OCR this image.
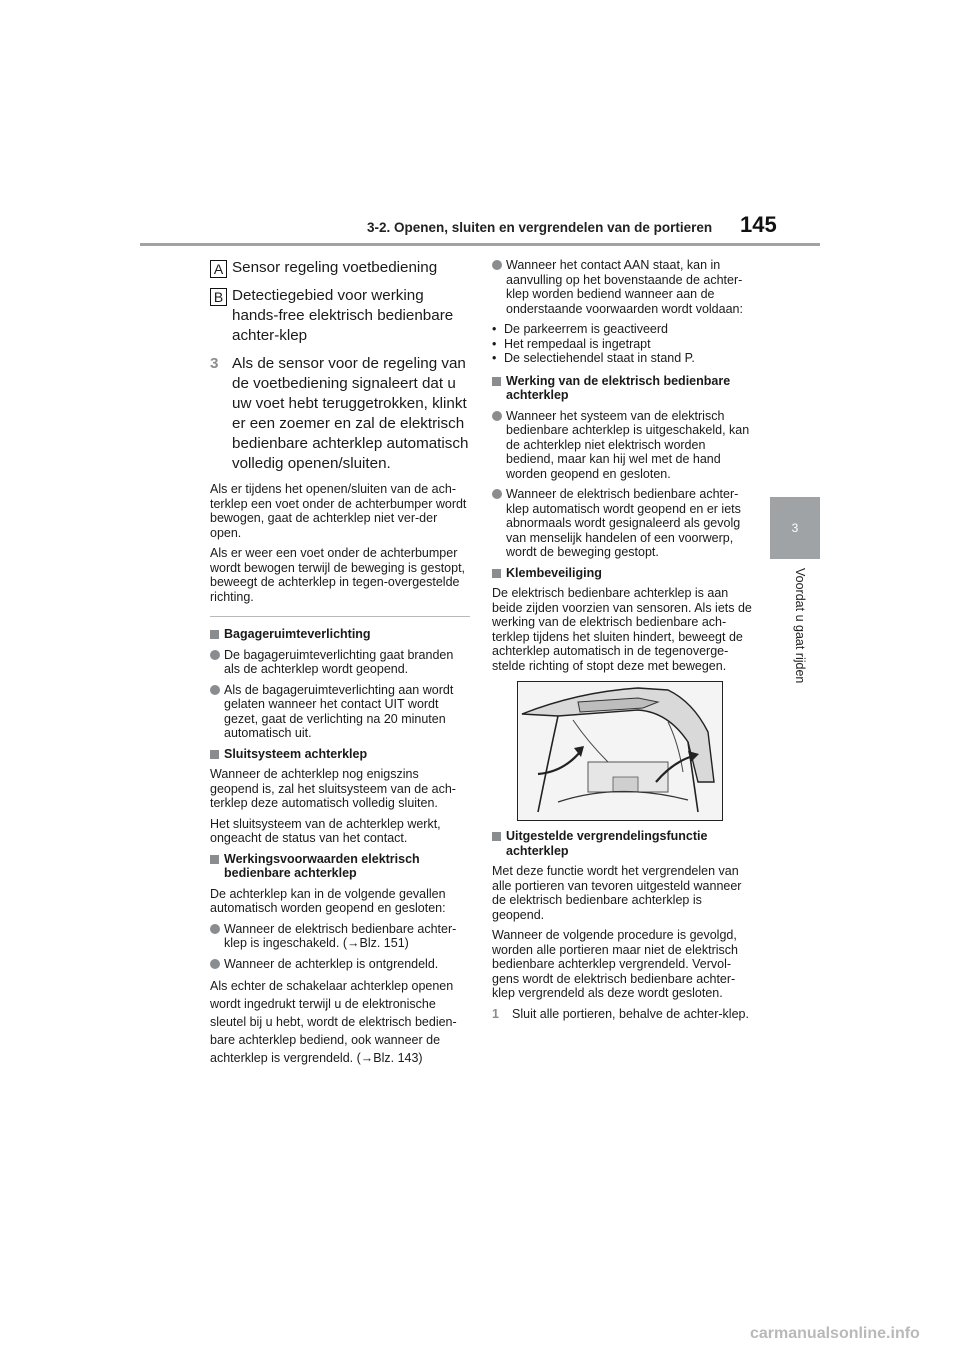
3-2. Openen, sluiten en vergrendelen van de portieren 145
3
Voordat u gaat rijden
A Sensor regeling voetbediening
B Detectiegebied voor werking hands-free elektrisch bedienbare achter-klep
3 Als de sensor voor de regeling van de voetbediening signaleert dat u uw voet hebt teruggetrokken, klinkt er een zoemer en zal de elektrisch bedienbare achterklep automatisch volledig openen/sluiten.

Als er tijdens het openen/sluiten van de ach-terklep een voet onder de achterbumper wordt bewogen, gaat de achterklep niet ver-der open.

Als er weer een voet onder de achterbumper wordt bewogen terwijl de beweging is gestopt, beweegt de achterklep in tegen-overgestelde richting.

Bagageruimteverlichting
De bagageruimteverlichting gaat branden als de achterklep wordt geopend.
Als de bagageruimteverlichting aan wordt gelaten wanneer het contact UIT wordt gezet, gaat de verlichting na 20 minuten automatisch uit.
Sluitsysteem achterklep

Wanneer de achterklep nog enigszins geopend is, zal het sluitsysteem van de ach-terklep deze automatisch volledig sluiten.

Het sluitsysteem van de achterklep werkt, ongeacht de status van het contact.

Werkingsvoorwaarden elektrisch bedienbare achterklep

De achterklep kan in de volgende gevallen automatisch worden geopend en gesloten:

Wanneer de elektrisch bedienbare achter-klep is ingeschakeld. (→Blz. 151)
Wanneer de achterklep is ontgrendeld.

Als echter de schakelaar achterklep openen wordt ingedrukt terwijl u de elektronische sleutel bij u hebt, wordt de elektrisch bedien-bare achterklep bediend, ook wanneer de achterklep is vergrendeld. (→Blz. 143)

Wanneer het contact AAN staat, kan in aanvulling op het bovenstaande de achter-klep worden bediend wanneer aan de onderstaande voorwaarden wordt voldaan:
• De parkeerrem is geactiveerd
• Het rempedaal is ingetrapt
• De selectiehendel staat in stand P.
Werking van de elektrisch bedienbare achterklep
Wanneer het systeem van de elektrisch bedienbare achterklep is uitgeschakeld, kan de achterklep niet elektrisch worden bediend, maar kan hij wel met de hand worden geopend en gesloten.
Wanneer de elektrisch bedienbare achter-klep automatisch wordt geopend en er iets abnormaals wordt gesignaleerd als gevolg van menselijk handelen of een voorwerp, wordt de beweging gestopt.
Klembeveiliging

De elektrisch bedienbare achterklep is aan beide zijden voorzien van sensoren. Als iets de werking van de elektrisch bedienbare ach-terklep tijdens het sluiten hindert, beweegt de achterklep automatisch in de tegenoverge-stelde richting of stopt deze met bewegen.

Uitgestelde vergrendelingsfunctie achterklep

Met deze functie wordt het vergrendelen van alle portieren van tevoren uitgesteld wanneer de elektrisch bedienbare achterklep is geopend.

Wanneer de volgende procedure is gevolgd, worden alle portieren maar niet de elektrisch bedienbare achterklep vergrendeld. Vervol-gens wordt de elektrisch bedienbare achter-klep vergrendeld als deze wordt gesloten.

1 Sluit alle portieren, behalve de achter-klep.
carmanualsonline.info
